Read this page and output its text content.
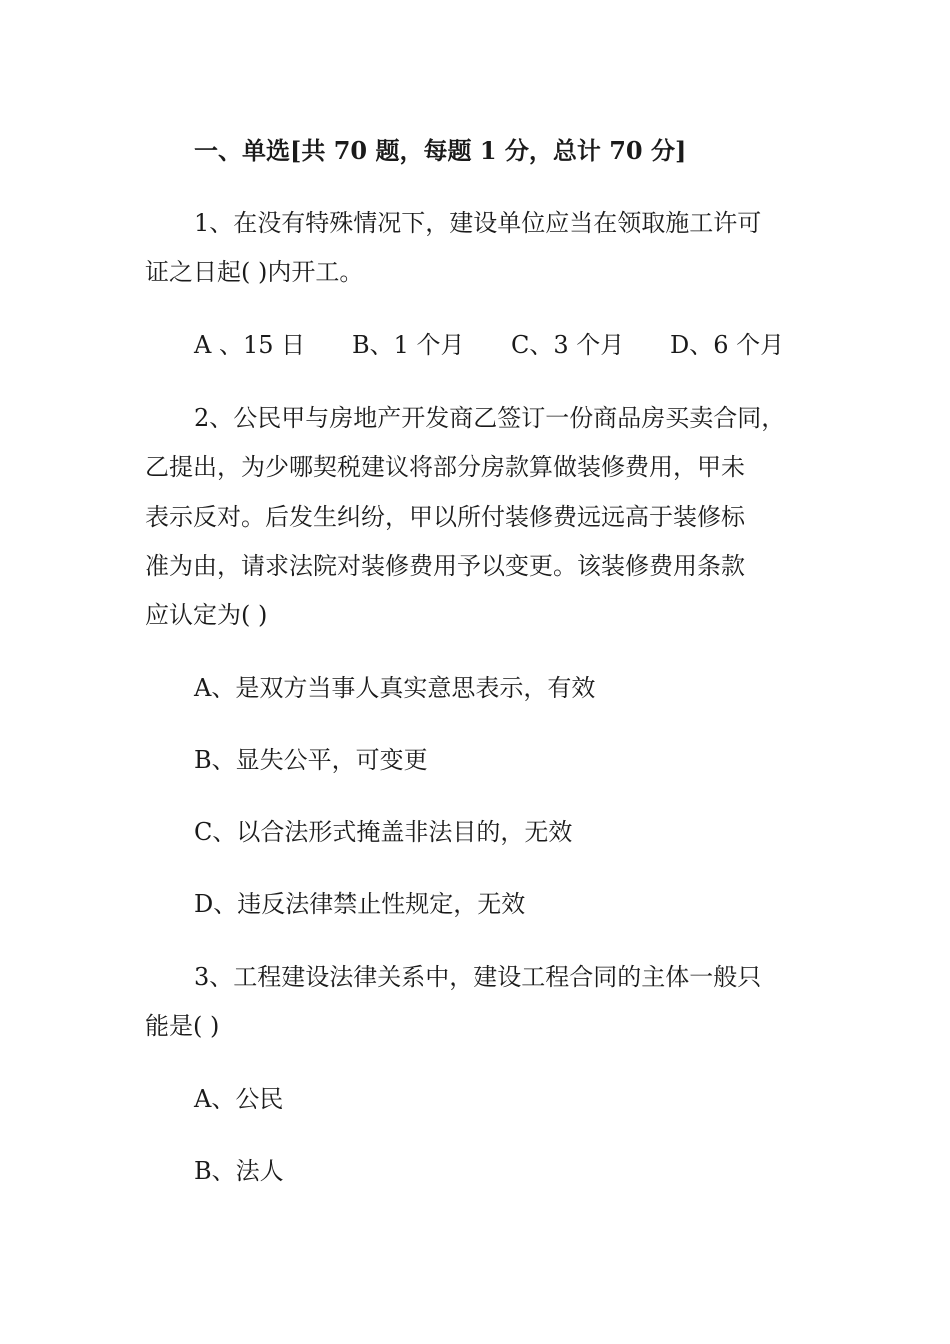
一、单选[共 70 题，每题 1 分，总计 70 分]
1、在没有特殊情况下，建设单位应当在领取施工许可
证之日起( )内开工。
A 、15 日 B、1 个月 C、3 个月 D、6 个月
2、公民甲与房地产开发商乙签订一份商品房买卖合同，
乙提出，为少哪契税建议将部分房款算做装修费用，甲未
表示反对。后发生纠纷，甲以所付装修费远远高于装修标
准为由，请求法院对装修费用予以变更。该装修费用条款
应认定为( )
A、是双方当事人真实意思表示，有效
B、显失公平，可变更
C、以合法形式掩盖非法目的，无效
D、违反法律禁止性规定，无效
3、工程建设法律关系中，建设工程合同的主体一般只
能是( )
A、公民
B、法人
